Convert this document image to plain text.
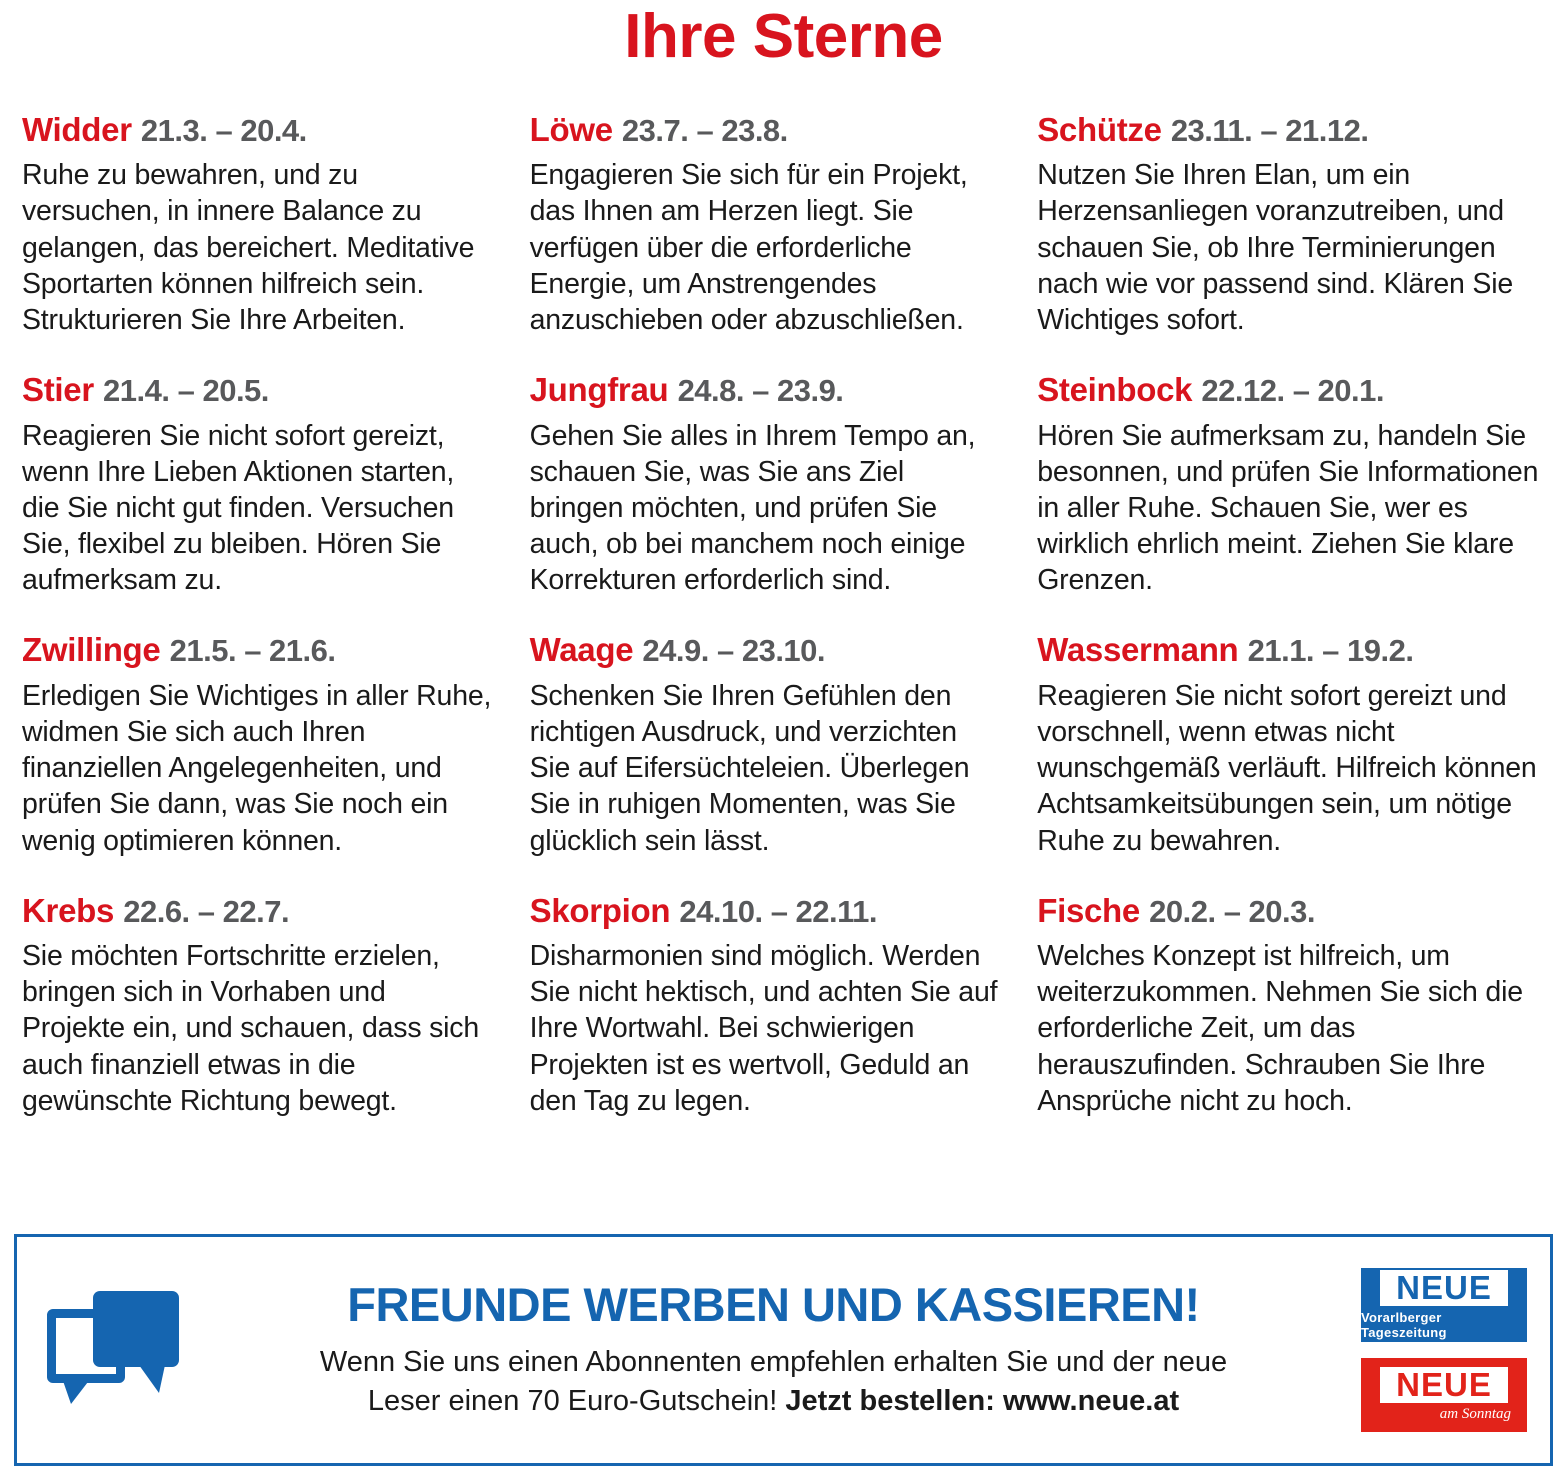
Ihre Sterne
Widder 21.3. – 20.4.
Ruhe zu bewahren, und zu versuchen, in innere Balance zu gelangen, das bereichert. Meditative Sportarten können hilfreich sein. Strukturieren Sie Ihre Arbeiten.
Stier 21.4. – 20.5.
Reagieren Sie nicht sofort gereizt, wenn Ihre Lieben Aktionen starten, die Sie nicht gut finden. Versuchen Sie, flexibel zu bleiben. Hören Sie aufmerksam zu.
Zwillinge 21.5. – 21.6.
Erledigen Sie Wichtiges in aller Ruhe, widmen Sie sich auch Ihren finanziellen Angelegenheiten, und prüfen Sie dann, was Sie noch ein wenig optimieren können.
Krebs 22.6. – 22.7.
Sie möchten Fortschritte erzielen, bringen sich in Vorhaben und Projekte ein, und schauen, dass sich auch finanziell etwas in die gewünschte Richtung bewegt.
Löwe 23.7. – 23.8.
Engagieren Sie sich für ein Projekt, das Ihnen am Herzen liegt. Sie verfügen über die erforderliche Energie, um Anstrengendes anzuschieben oder abzuschließen.
Jungfrau 24.8. – 23.9.
Gehen Sie alles in Ihrem Tempo an, schauen Sie, was Sie ans Ziel bringen möchten, und prüfen Sie auch, ob bei manchem noch einige Korrekturen erforderlich sind.
Waage 24.9. – 23.10.
Schenken Sie Ihren Gefühlen den richtigen Ausdruck, und verzichten Sie auf Eifersüchteleien. Überlegen Sie in ruhigen Momenten, was Sie glücklich sein lässt.
Skorpion 24.10. – 22.11.
Disharmonien sind möglich. Werden Sie nicht hektisch, und achten Sie auf Ihre Wortwahl. Bei schwierigen Projekten ist es wertvoll, Geduld an den Tag zu legen.
Schütze 23.11. – 21.12.
Nutzen Sie Ihren Elan, um ein Herzensanliegen voranzutreiben, und schauen Sie, ob Ihre Terminierungen nach wie vor passend sind. Klären Sie Wichtiges sofort.
Steinbock 22.12. – 20.1.
Hören Sie aufmerksam zu, handeln Sie besonnen, und prüfen Sie Informationen in aller Ruhe. Schauen Sie, wer es wirklich ehrlich meint. Ziehen Sie klare Grenzen.
Wassermann 21.1. – 19.2.
Reagieren Sie nicht sofort gereizt und vorschnell, wenn etwas nicht wunschgemäß verläuft. Hilfreich können Achtsamkeitsübungen sein, um nötige Ruhe zu bewahren.
Fische 20.2. – 20.3.
Welches Konzept ist hilfreich, um weiterzukommen. Nehmen Sie sich die erforderliche Zeit, um das herauszufinden. Schrauben Sie Ihre Ansprüche nicht zu hoch.
FREUNDE WERBEN UND KASSIEREN!
Wenn Sie uns einen Abonnenten empfehlen erhalten Sie und der neue
Leser einen 70 Euro-Gutschein! Jetzt bestellen: www.neue.at
NEUE
Vorarlberger Tageszeitung
NEUE
am Sonntag
